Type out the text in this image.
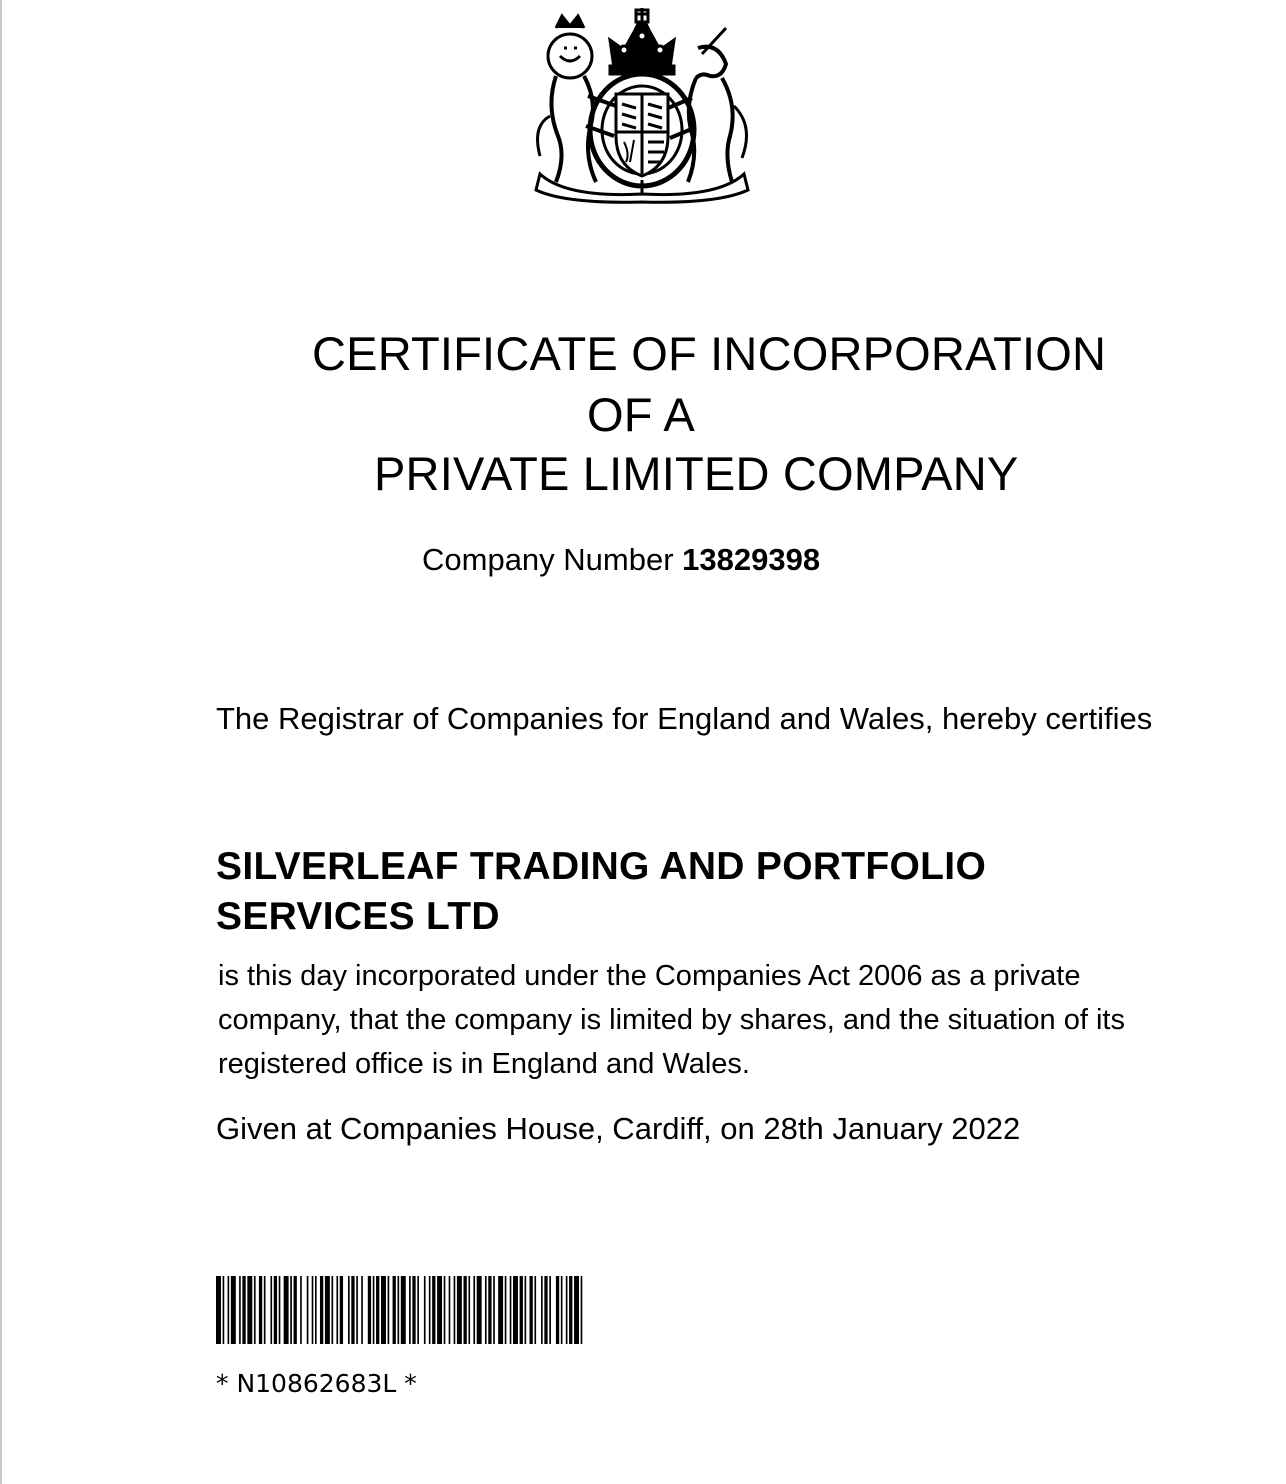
CERTIFICATE OF INCORPORATION
OF A
PRIVATE LIMITED COMPANY
Company Number 13829398
The Registrar of Companies for England and Wales, hereby certifies
SILVERLEAF TRADING AND PORTFOLIO SERVICES LTD
is this day incorporated under the Companies Act 2006 as a private company, that the company is limited by shares, and the situation of its registered office is in England and Wales.
Given at Companies House, Cardiff, on 28th January 2022
* N10862683L *
